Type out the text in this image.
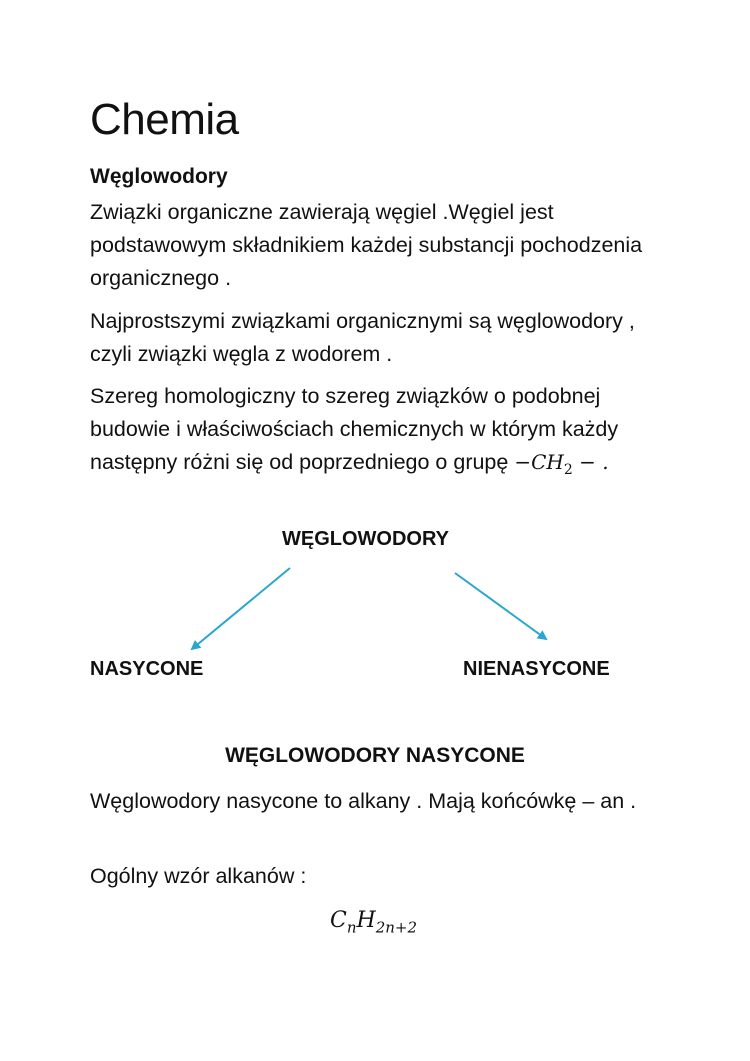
Chemia
Węglowodory

Związki organiczne zawierają węgiel .Węgiel jest podstawowym składnikiem każdej substancji pochodzenia organicznego .

Najprostszymi związkami organicznymi są węglowodory , czyli związki węgla z wodorem .

Szereg homologiczny to szereg związków o podobnej budowie i właściwościach chemicznych w którym każdy następny różni się od poprzedniego o grupę $-CH_2$ − .

WĘGLOWODORY
NASYCONE	NIENASYCONE
WĘGLOWODORY NASYCONE

Węglowodory nasycone to alkany . Mają końcówkę – an .

Ogólny wzór alkanów :

$C_nH_{2n+2}$
